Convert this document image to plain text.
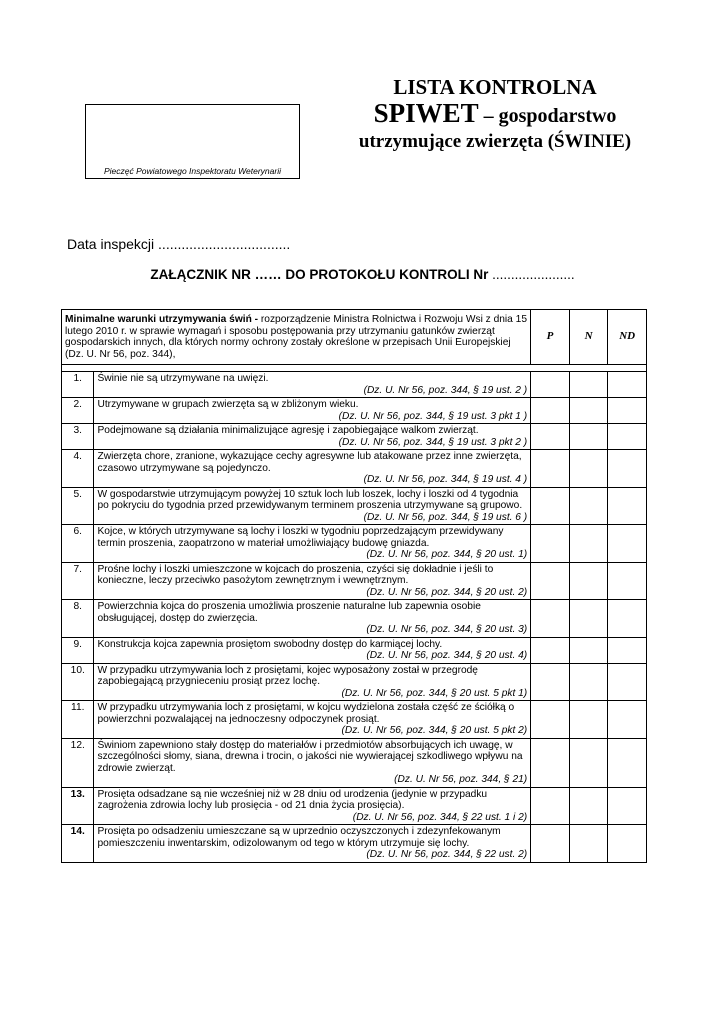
Pieczęć Powiatowego Inspektoratu Weterynarii
LISTA KONTROLNA
SPIWET – gospodarstwo
utrzymujące zwierzęta (ŚWINIE)
Data inspekcji ..................................
ZAŁĄCZNIK NR …… DO PROTOKOŁU KONTROLI Nr ......................
Minimalne warunki utrzymywania świń - rozporządzenie Ministra Rolnictwa i Rozwoju Wsi z dnia 15 lutego 2010 r. w sprawie wymagań i sposobu postępowania przy utrzymaniu gatunków zwierząt gospodarskich innych, dla których normy ochrony zostały określone w przepisach Unii Europejskiej (Dz. U. Nr 56, poz. 344),		P	N	ND

1.	Świnie nie są utrzymywane na uwięzi.
(Dz. U. Nr 56, poz. 344, § 19 ust. 2 )			

2.	Utrzymywane w grupach zwierzęta są w zbliżonym wieku.
(Dz. U. Nr 56, poz. 344, § 19 ust. 3 pkt 1 )			

3.	Podejmowane są działania minimalizujące agresję i zapobiegające walkom zwierząt.
(Dz. U. Nr 56, poz. 344, § 19 ust. 3 pkt 2 )			

4.	Zwierzęta chore, zranione, wykazujące cechy agresywne lub atakowane przez inne zwierzęta, czasowo utrzymywane są pojedynczo.
(Dz. U. Nr 56, poz. 344, § 19 ust. 4 )			

5.	W gospodarstwie utrzymującym powyżej 10 sztuk loch lub loszek, lochy i loszki od 4 tygodnia po pokryciu do tygodnia przed przewidywanym terminem proszenia utrzymywane są grupowo.
(Dz. U. Nr 56, poz. 344, § 19 ust. 6 )			

6.	Kojce, w których utrzymywane są lochy i loszki w tygodniu poprzedzającym przewidywany termin proszenia, zaopatrzono w materiał umożliwiający budowę gniazda.
(Dz. U. Nr 56, poz. 344, § 20 ust. 1)			

7.	Prośne lochy i loszki umieszczone w kojcach do proszenia, czyści się dokładnie i jeśli to konieczne, leczy przeciwko pasożytom zewnętrznym i wewnętrznym.
(Dz. U. Nr 56, poz. 344, § 20 ust. 2)			

8.	Powierzchnia kojca do proszenia umożliwia proszenie naturalne lub zapewnia osobie obsługującej, dostęp do zwierzęcia.
(Dz. U. Nr 56, poz. 344, § 20 ust. 3)			

9.	Konstrukcja kojca zapewnia prosiętom swobodny dostęp do karmiącej lochy.
(Dz. U. Nr 56, poz. 344, § 20 ust. 4)			

10.	W przypadku utrzymywania loch z prosiętami, kojec wyposażony został w przegrodę zapobiegającą przygnieceniu prosiąt przez lochę.
(Dz. U. Nr 56, poz. 344, § 20 ust. 5 pkt 1)			

11.	W przypadku utrzymywania loch z prosiętami, w kojcu wydzielona została część ze ściółką o powierzchni pozwalającej na jednoczesny odpoczynek prosiąt.
(Dz. U. Nr 56, poz. 344, § 20 ust. 5 pkt 2)			

12.	Świniom zapewniono stały dostęp do materiałów i przedmiotów absorbujących ich uwagę, w szczególności słomy, siana, drewna i trocin, o jakości nie wywierającej szkodliwego wpływu na zdrowie zwierząt.
(Dz. U. Nr 56, poz. 344, § 21)			

13.	Prosięta odsadzane są nie wcześniej niż w 28 dniu od urodzenia (jedynie w przypadku zagrożenia zdrowia lochy lub prosięcia - od 21 dnia życia prosięcia).
(Dz. U. Nr 56, poz. 344, § 22 ust. 1 i 2)			

14.	Prosięta po odsadzeniu umieszczane są w uprzednio oczyszczonych i zdezynfekowanym pomieszczeniu inwentarskim, odizolowanym od tego w którym utrzymuje się lochy.
(Dz. U. Nr 56, poz. 344, § 22 ust. 2)			
